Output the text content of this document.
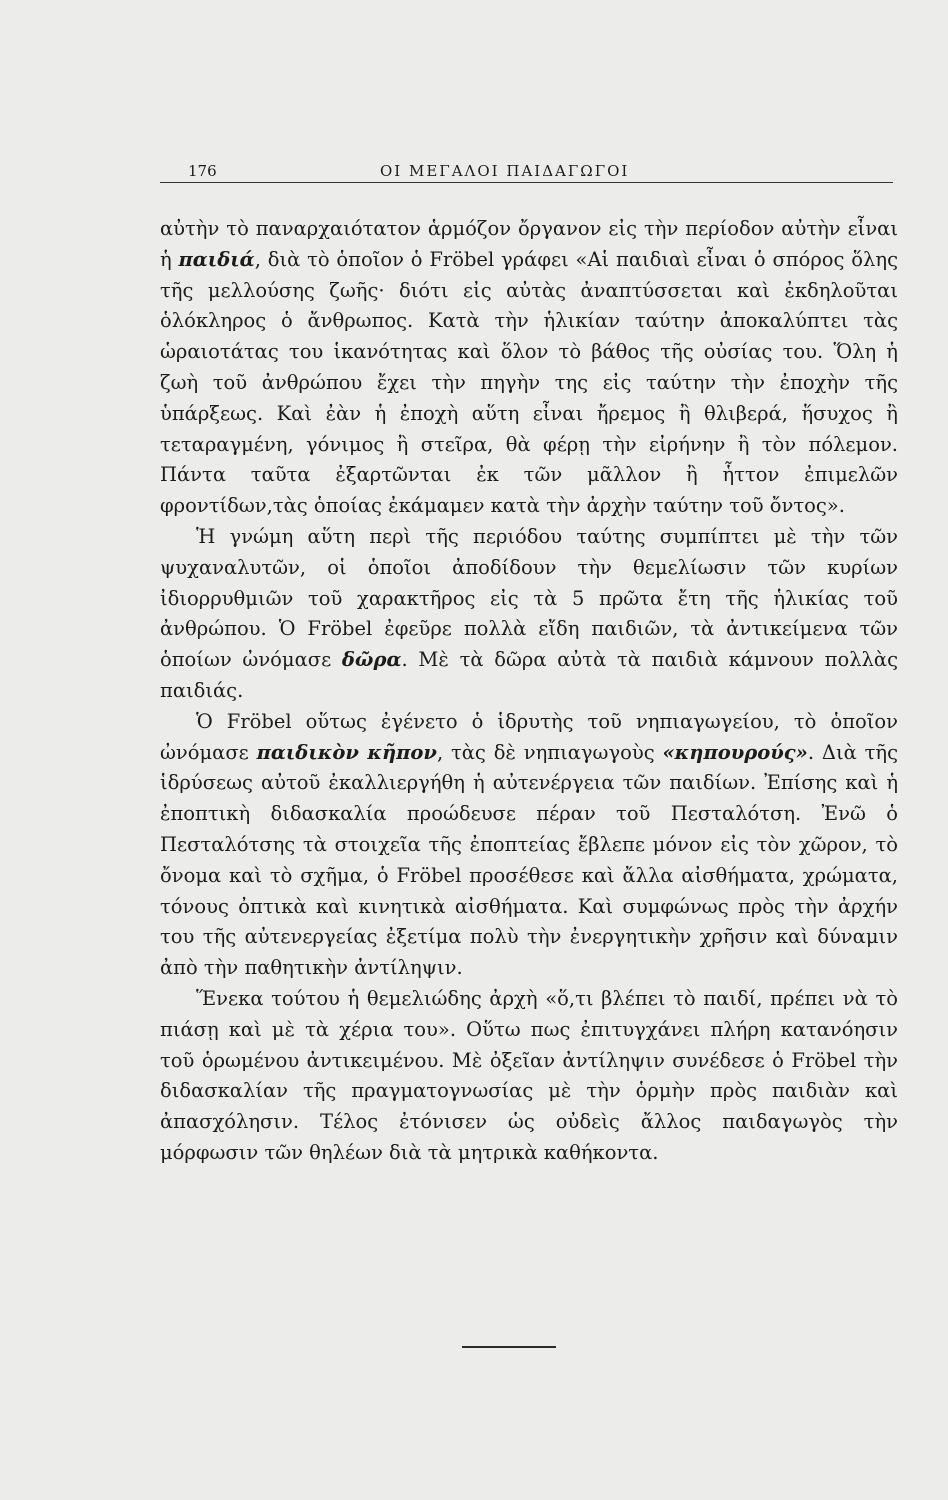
176	ΟΙ ΜΕΓΑΛΟΙ ΠΑΙΔΑΓΩΓΟΙ

αὐτὴν τὸ παναρχαιότατον ἁρμόζον ὄργανον εἰς τὴν περίοδον αὐτὴν εἶναι ἡ παιδιά, διὰ τὸ ὁποῖον ὁ Fröbel γράφει «Αἱ παιδιαὶ εἶναι ὁ σπόρος ὅλης τῆς μελλούσης ζωῆς· διότι εἰς αὐτὰς ἀναπτύσσεται καὶ ἐκδηλοῦται ὁλόκληρος ὁ ἄνθρωπος. Κατὰ τὴν ἡλικίαν ταύτην ἀποκαλύπτει τὰς ὡραιοτάτας του ἱκανότητας καὶ ὅλον τὸ βάθος τῆς οὐσίας του. Ὅλη ἡ ζωὴ τοῦ ἀνθρώπου ἔχει τὴν πηγὴν της εἰς ταύτην τὴν ἐποχὴν τῆς ὑπάρξεως. Καὶ ἐὰν ἡ ἐποχὴ αὕτη εἶναι ἤρεμος ἢ θλιβερά, ἥσυχος ἢ τεταραγμένη, γόνιμος ἢ στεῖρα, θὰ φέρῃ τὴν εἰρήνην ἢ τὸν πόλεμον. Πάντα ταῦτα ἐξαρτῶνται ἐκ τῶν μᾶλλον ἢ ἧττον ἐπιμελῶν φροντίδων,τὰς ὁποίας ἐκάμαμεν κατὰ τὴν ἀρχὴν ταύτην τοῦ ὄντος».

Ἡ γνώμη αὕτη περὶ τῆς περιόδου ταύτης συμπίπτει μὲ τὴν τῶν ψυχαναλυτῶν, οἱ ὁποῖοι ἀποδίδουν τὴν θεμελίωσιν τῶν κυρίων ἰδιορρυθμιῶν τοῦ χαρακτῆρος εἰς τὰ 5 πρῶτα ἔτη τῆς ἡλικίας τοῦ ἀνθρώπου. Ὁ Fröbel ἐφεῦρε πολλὰ εἴδη παιδιῶν, τὰ ἀντικείμενα τῶν ὁποίων ὠνόμασε δῶρα. Μὲ τὰ δῶρα αὐτὰ τὰ παιδιὰ κάμνουν πολλὰς παιδιάς.

Ὁ Fröbel οὕτως ἐγένετο ὁ ἱδρυτὴς τοῦ νηπιαγωγείου, τὸ ὁποῖον ὠνόμασε παιδικὸν κῆπον, τὰς δὲ νηπιαγωγοὺς «κηπουρούς». Διὰ τῆς ἱδρύσεως αὐτοῦ ἐκαλλιεργήθη ἡ αὐτενέργεια τῶν παιδίων. Ἐπίσης καὶ ἡ ἐποπτικὴ διδασκαλία προώδευσε πέραν τοῦ Πεσταλότση. Ἐνῶ ὁ Πεσταλότσης τὰ στοιχεῖα τῆς ἐποπτείας ἔβλεπε μόνον εἰς τὸν χῶρον, τὸ ὄνομα καὶ τὸ σχῆμα, ὁ Fröbel προσέθεσε καὶ ἄλλα αἰσθήματα, χρώματα, τόνους ὀπτικὰ καὶ κινητικὰ αἰσθήματα. Καὶ συμφώνως πρὸς τὴν ἀρχήν του τῆς αὐτενεργείας ἐξετίμα πολὺ τὴν ἐνεργητικὴν χρῆσιν καὶ δύναμιν ἀπὸ τὴν παθητικὴν ἀντίληψιν.

Ἕνεκα τούτου ἡ θεμελιώδης ἀρχὴ «ὅ,τι βλέπει τὸ παιδί, πρέπει νὰ τὸ πιάσῃ καὶ μὲ τὰ χέρια του». Οὕτω πως ἐπιτυγχάνει πλήρη κατανόησιν τοῦ ὁρωμένου ἀντικειμένου. Μὲ ὀξεῖαν ἀντίληψιν συνέδεσε ὁ Fröbel τὴν διδασκαλίαν τῆς πραγματογνωσίας μὲ τὴν ὁρμὴν πρὸς παιδιὰν καὶ ἀπασχόλησιν. Τέλος ἐτόνισεν ὡς οὐδεὶς ἄλλος παιδαγωγὸς τὴν μόρφωσιν τῶν θηλέων διὰ τὰ μητρικὰ καθήκοντα.
